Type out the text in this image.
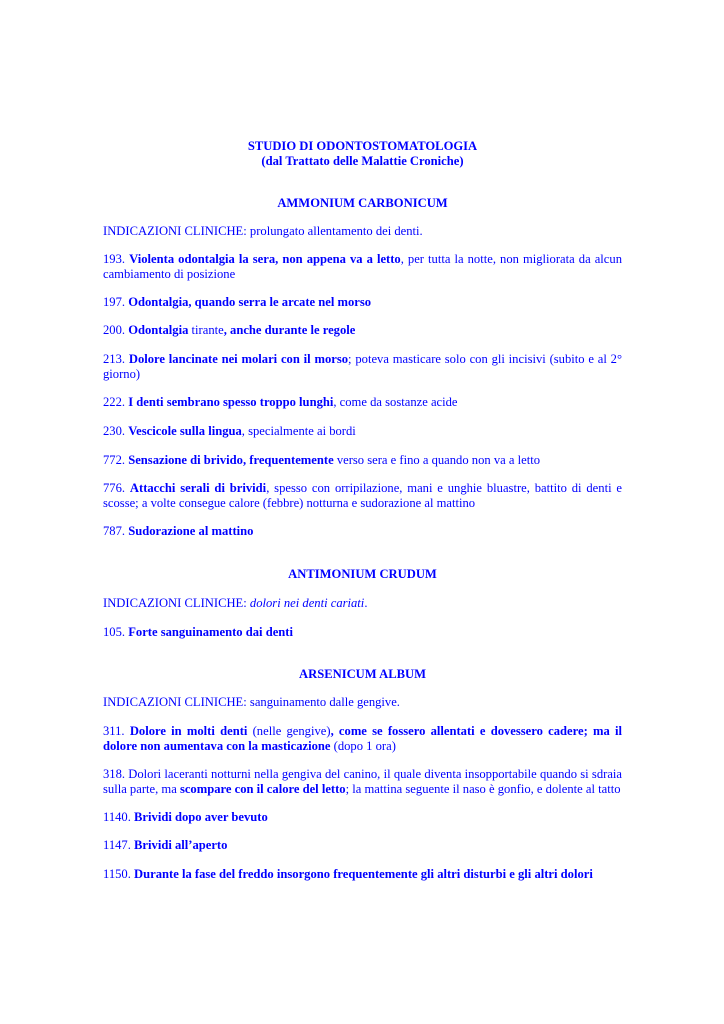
STUDIO DI ODONTOSTOMATOLOGIA
(dal Trattato delle Malattie Croniche)
AMMONIUM CARBONICUM

INDICAZIONI CLINICHE: prolungato allentamento dei denti.

193. Violenta odontalgia la sera, non appena va a letto, per tutta la notte, non migliorata da alcun cambiamento di posizione

197. Odontalgia, quando serra le arcate nel morso

200. Odontalgia tirante, anche durante le regole

213. Dolore lancinate nei molari con il morso; poteva masticare solo con gli incisivi (subito e al 2° giorno)

222. I denti sembrano spesso troppo lunghi, come da sostanze acide

230. Vescicole sulla lingua, specialmente ai bordi

772. Sensazione di brivido, frequentemente verso sera e fino a quando non va a letto

776. Attacchi serali di brividi, spesso con orripilazione, mani e unghie bluastre, battito di denti e scosse; a volte consegue calore (febbre) notturna e sudorazione al mattino

787. Sudorazione al mattino

ANTIMONIUM CRUDUM

INDICAZIONI CLINICHE: dolori nei denti cariati.

105. Forte sanguinamento dai denti

ARSENICUM ALBUM

INDICAZIONI CLINICHE: sanguinamento dalle gengive.

311. Dolore in molti denti (nelle gengive), come se fossero allentati e dovessero cadere; ma il dolore non aumentava con la masticazione (dopo 1 ora)

318. Dolori laceranti notturni nella gengiva del canino, il quale diventa insopportabile quando si sdraia sulla parte, ma scompare con il calore del letto; la mattina seguente il naso è gonfio, e dolente al tatto

1140. Brividi dopo aver bevuto

1147. Brividi all’aperto

1150. Durante la fase del freddo insorgono frequentemente gli altri disturbi e gli altri dolori
